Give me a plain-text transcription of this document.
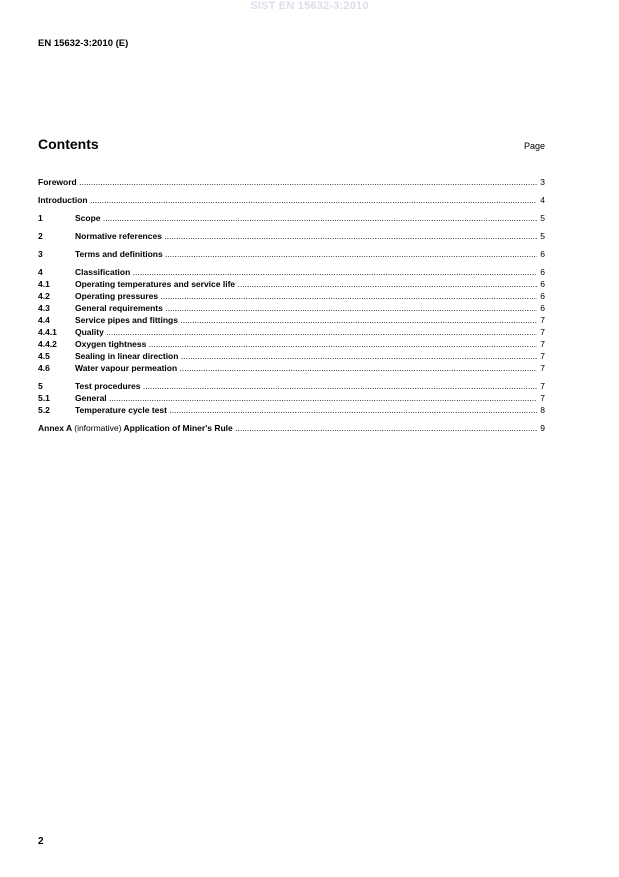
SIST EN 15632-3:2010
EN 15632-3:2010 (E)
Contents	Page
Foreword .....	3
Introduction .....	4
1	Scope .....	5
2	Normative references .....	5
3	Terms and definitions .....	6
4	Classification .....	6
4.1	Operating temperatures and service life .....	6
4.2	Operating pressures .....	6
4.3	General requirements .....	6
4.4	Service pipes and fittings .....	7
4.4.1 Quality .....	7
4.4.2 Oxygen tightness .....	7
4.5	Sealing in linear direction .....	7
4.6	Water vapour permeation .....	7
5	Test procedures .....	7
5.1	General .....	7
5.2	Temperature cycle test .....	8
Annex A (informative) Application of Miner's Rule .....	9
2
